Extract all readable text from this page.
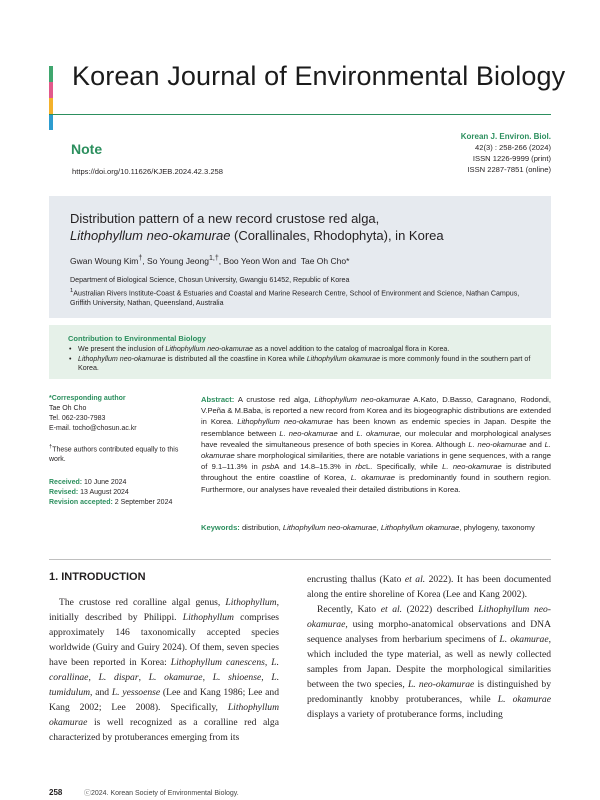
Korean Journal of Environmental Biology
Note
Korean J. Environ. Biol.
42(3) : 258-266 (2024)
ISSN 1226-9999 (print)
ISSN 2287-7851 (online)
https://doi.org/10.11626/KJEB.2024.42.3.258
Distribution pattern of a new record crustose red alga,
Lithophyllum neo-okamurae (Corallinales, Rhodophyta), in Korea
Gwan Woung Kim†, So Young Jeong$^{1,\dagger}$, Boo Yeon Won and  Tae Oh Cho*
Department of Biological Science, Chosun University, Gwangju 61452, Republic of Korea
$^1$Australian Rivers Institute-Coast & Estuaries and Coastal and Marine Research Centre, School of Environment and Science, Nathan Campus, Griffith University, Nathan, Queensland, Australia
Contribution to Environmental Biology
• We present the inclusion of Lithophyllum neo-okamurae as a novel addition to the catalog of macroalgal flora in Korea.
• Lithophyllum neo-okamurae is distributed all the coastline in Korea while Lithophyllum okamurae is more commonly found in the southern part of Korea.
*Corresponding author
Tae Oh Cho
Tel. 062-230-7983
E-mail. tocho@chosun.ac.kr
†These authors contributed equally to this work.
Received: 10 June 2024
Revised: 13 August 2024
Revision accepted: 2 September 2024
Abstract: A crustose red alga, Lithophyllum neo-okamurae A.Kato, D.Basso, Caragnano, Rodondi, V.Peña & M.Baba, is reported a new record from Korea and its biogeographic distributions are extended in Korea. Lithophyllum neo-okamurae has been known as endemic species in Japan. Despite the resemblance between L. neo-okamurae and L. okamurae, our molecular and morphological analyses have revealed the simultaneous presence of both species in Korea. Although L. neo-okamurae and L. okamurae share morphological similarities, there are notable variations in gene sequences, with a range of 9.1–11.3% in psbA and 14.8–15.3% in rbcL. Specifically, while L. neo-okamurae is distributed throughout the entire coastline of Korea, L. okamurae is predominantly found in southern region. Furthermore, our analyses have revealed their detailed distributions in Korea.
Keywords: distribution, Lithophyllum neo-okamurae, Lithophyllum okamurae, phylogeny, taxonomy
1. INTRODUCTION

The crustose red coralline algal genus, Lithophyllum, initially described by Philippi. Lithophyllum comprises approximately 146 taxonomically accepted species worldwide (Guiry and Guiry 2024). Of them, seven species have been reported in Korea: Lithophyllum canescens, L. corallinae, L. dispar, L. okamurae, L. shioense, L. tumidulum, and L. yessoense (Lee and Kang 1986; Lee and Kang 2002; Lee 2008). Specifically, Lithophyllum okamurae is well recognized as a coralline red alga characterized by protuberances emerging from its

encrusting thallus (Kato et al. 2022). It has been documented along the entire shoreline of Korea (Lee and Kang 2002).

Recently, Kato et al. (2022) described Lithophyllum neo-okamurae, using morpho-anatomical observations and DNA sequence analyses from herbarium specimens of L. okamurae, which included the type material, as well as newly collected samples from Japan. Despite the morphological similarities between the two species, L. neo-okamurae is distinguished by predominantly knobby protuberances, while L. okamurae displays a variety of protuberance forms, including

258	ⓒ2024. Korean Society of Environmental Biology.
